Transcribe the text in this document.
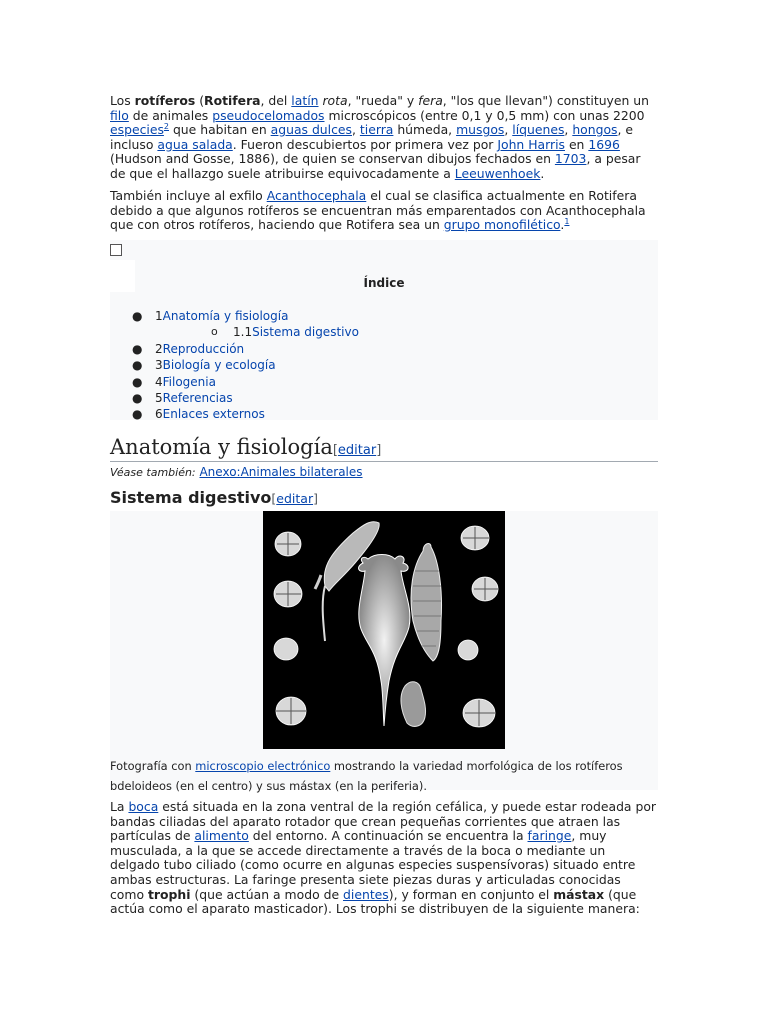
Los rotíferos (Rotifera, del latín rota, "rueda" y fera, "los que llevan") constituyen un filo de animales pseudocelomados microscópicos (entre 0,1 y 0,5 mm) con unas 2200 especies$^2$ que habitan en aguas dulces, tierra húmeda, musgos, líquenes, hongos, e incluso agua salada. Fueron descubiertos por primera vez por John Harris en 1696 (Hudson and Gosse, 1886), de quien se conservan dibujos fechados en 1703, a pesar de que el hallazgo suele atribuirse equivocadamente a Leeuwenhoek.

También incluye al exfilo Acanthocephala el cual se clasifica actualmente en Rotifera debido a que algunos rotíferos se encuentran más emparentados con Acanthocephala que con otros rotíferos, haciendo que Rotifera sea un grupo monofilético.$^1$

Índice
● 1Anatomía y fisiología
o 1.1Sistema digestivo
● 2Reproducción
● 3Biología y ecología
● 4Filogenia
● 5Referencias
● 6Enlaces externos
Anatomía y fisiología[editar]
Véase también: Anexo:Animales bilaterales
Sistema digestivo[editar]
Fotografía con microscopio electrónico mostrando la variedad morfológica de los rotíferos bdeloideos (en el centro) y sus mástax (en la periferia).

La boca está situada en la zona ventral de la región cefálica, y puede estar rodeada por bandas ciliadas del aparato rotador que crean pequeñas corrientes que atraen las partículas de alimento del entorno. A continuación se encuentra la faringe, muy musculada, a la que se accede directamente a través de la boca o mediante un delgado tubo ciliado (como ocurre en algunas especies suspensívoras) situado entre ambas estructuras. La faringe presenta siete piezas duras y articuladas conocidas como trophi (que actúan a modo de dientes), y forman en conjunto el mástax (que actúa como el aparato masticador). Los trophi se distribuyen de la siguiente manera:
